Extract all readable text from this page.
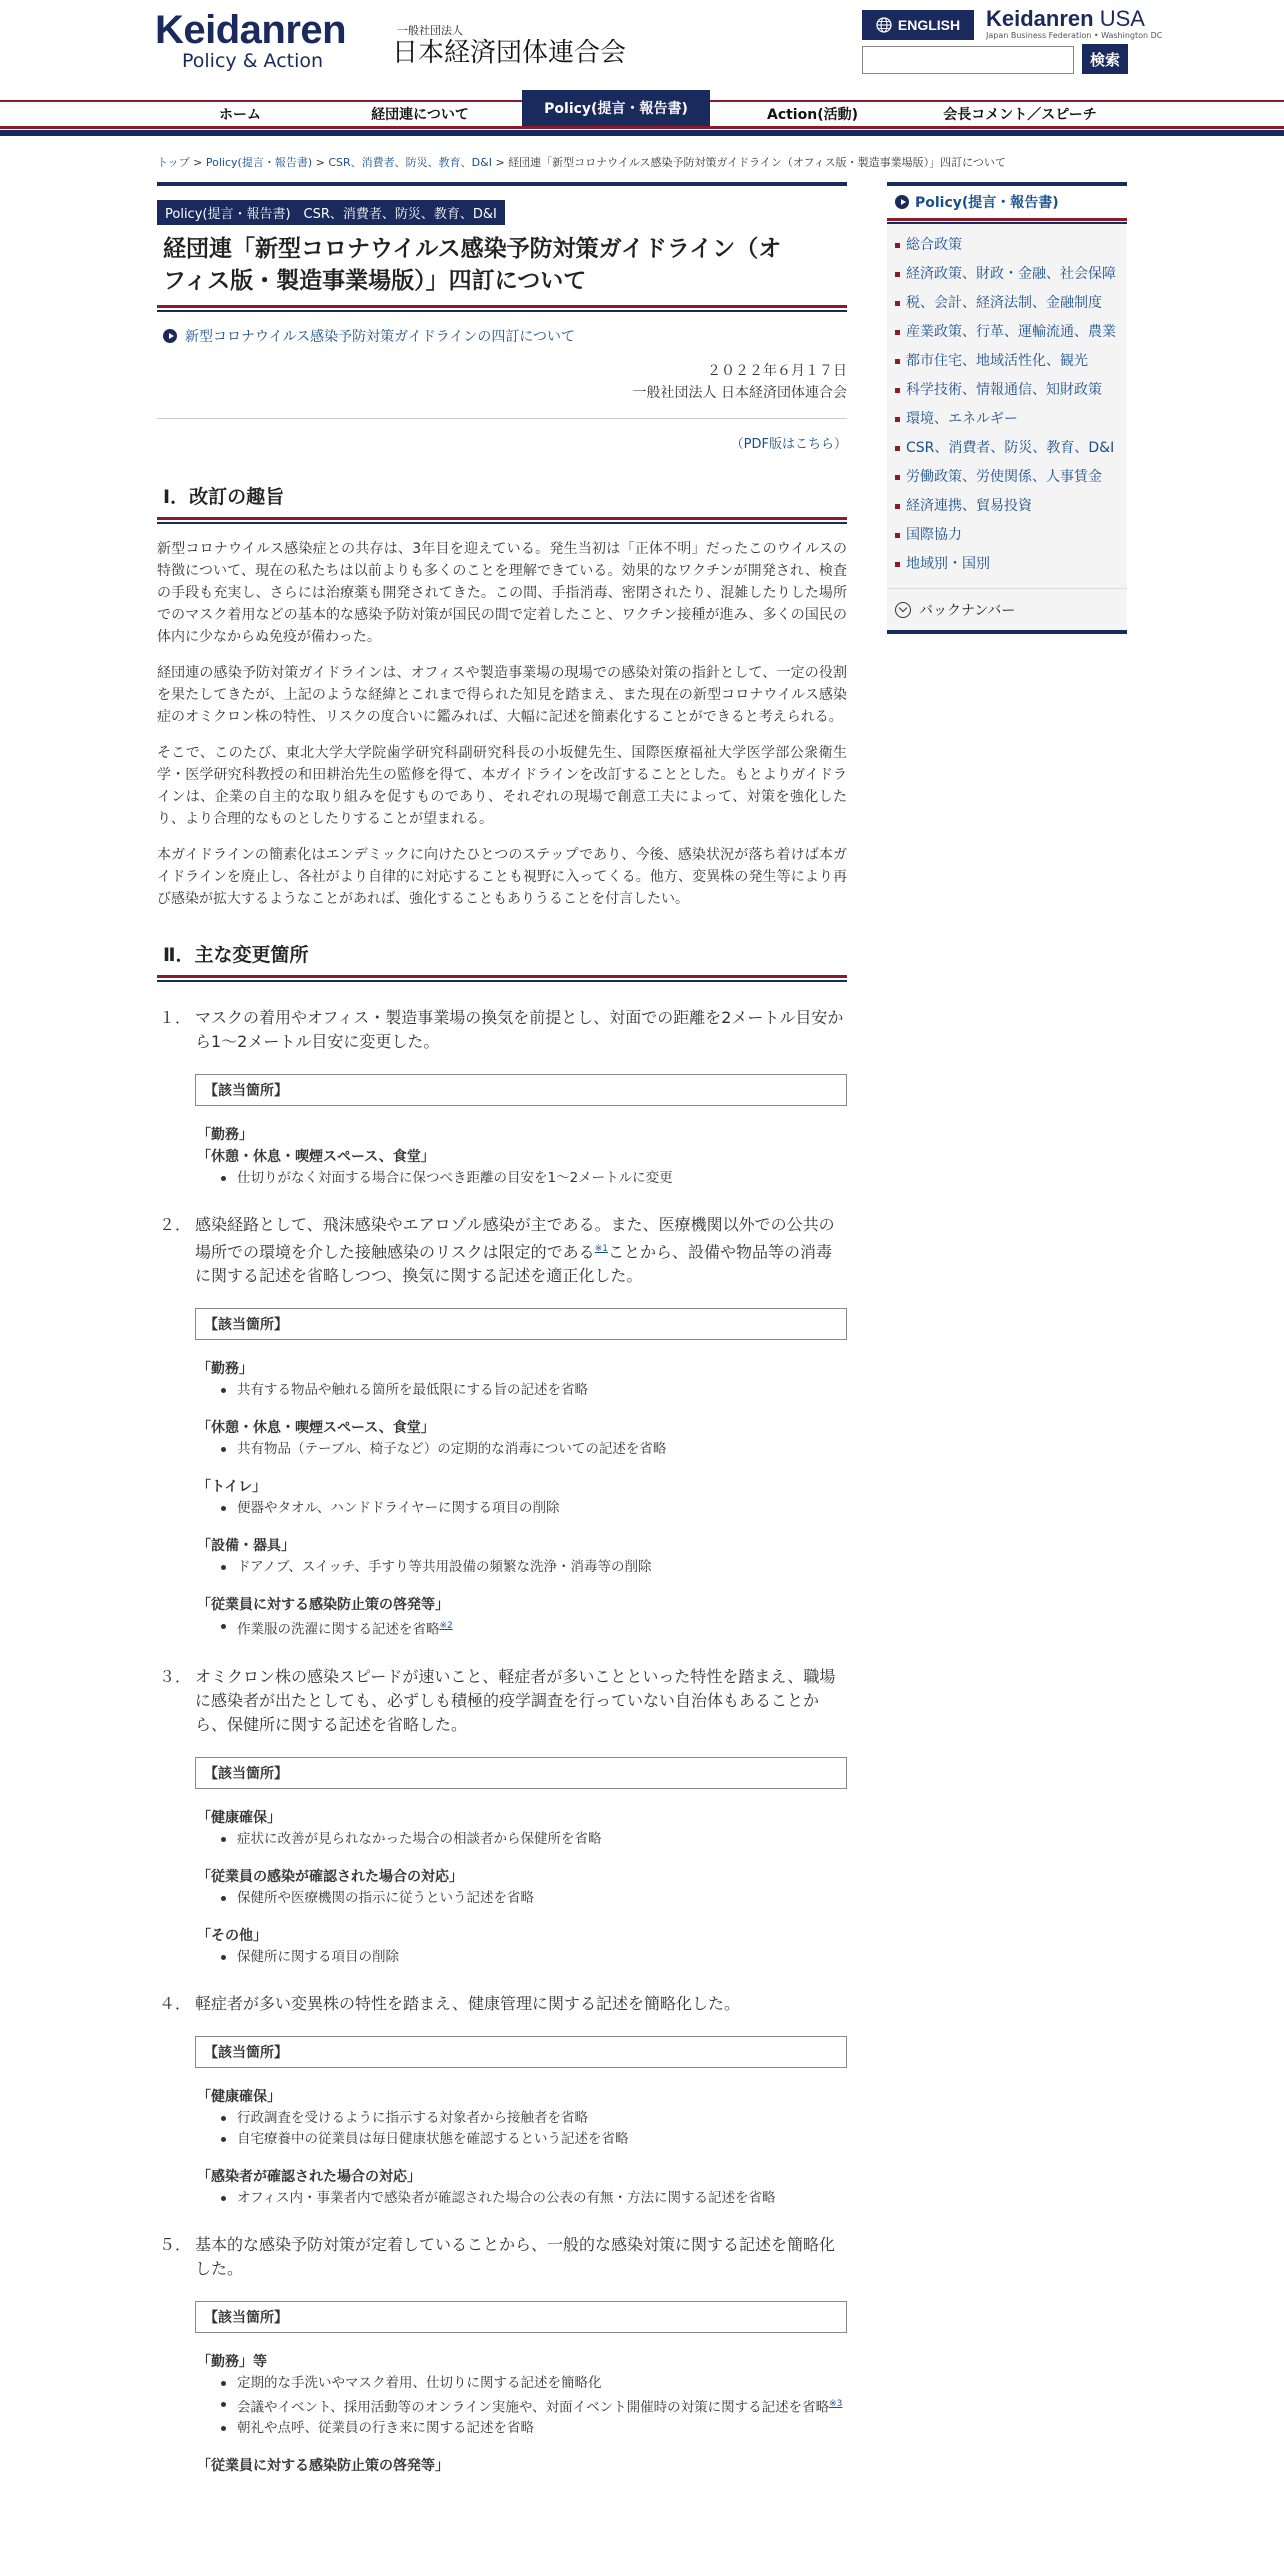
Keidanren
Policy & Action
一般社団法人
日本経済団体連合会
ENGLISH Keidanren USA
Japan Business Federation • Washington DC
検索
ホーム	経団連について	Policy(提言・報告書)	Action(活動)	会長コメント／スピーチ
トップ > Policy(提言・報告書) > CSR、消費者、防災、教育、D&I > 経団連「新型コロナウイルス感染予防対策ガイドライン（オフィス版・製造事業場版）」四訂について
Policy(提言・報告書)　CSR、消費者、防災、教育、D&I
経団連「新型コロナウイルス感染予防対策ガイドライン（オ
フィス版・製造事業場版）」四訂について
新型コロナウイルス感染予防対策ガイドラインの四訂について
２０２２年６月１７日
一般社団法人 日本経済団体連合会
（PDF版はこちら）
Ⅰ．改訂の趣旨

新型コロナウイルス感染症との共存は、3年目を迎えている。発生当初は「正体不明」だったこのウイルスの特徴について、現在の私たちは以前よりも多くのことを理解できている。効果的なワクチンが開発され、検査の手段も充実し、さらには治療薬も開発されてきた。この間、手指消毒、密閉されたり、混雑したりした場所でのマスク着用などの基本的な感染予防対策が国民の間で定着したこと、ワクチン接種が進み、多くの国民の体内に少なからぬ免疫が備わった。

経団連の感染予防対策ガイドラインは、オフィスや製造事業場の現場での感染対策の指針として、一定の役割を果たしてきたが、上記のような経緯とこれまで得られた知見を踏まえ、また現在の新型コロナウイルス感染症のオミクロン株の特性、リスクの度合いに鑑みれば、大幅に記述を簡素化することができると考えられる。

そこで、このたび、東北大学大学院歯学研究科副研究科長の小坂健先生、国際医療福祉大学医学部公衆衛生学・医学研究科教授の和田耕治先生の監修を得て、本ガイドラインを改訂することとした。もとよりガイドラインは、企業の自主的な取り組みを促すものであり、それぞれの現場で創意工夫によって、対策を強化したり、より合理的なものとしたりすることが望まれる。

本ガイドラインの簡素化はエンデミックに向けたひとつのステップであり、今後、感染状況が落ち着けば本ガイドラインを廃止し、各社がより自律的に対応することも視野に入ってくる。他方、変異株の発生等により再び感染が拡大するようなことがあれば、強化することもありうることを付言したい。

Ⅱ．主な変更箇所
１． マスクの着用やオフィス・製造事業場の換気を前提とし、対面での距離を2メートル目安から1～2メートル目安に変更した。
【該当箇所】
「勤務」
「休憩・休息・喫煙スペース、食堂」
仕切りがなく対面する場合に保つべき距離の目安を1～2メートルに変更
２． 感染経路として、飛沫感染やエアロゾル感染が主である。また、医療機関以外での公共の場所での環境を介した接触感染のリスクは限定的である$^{※1}$ことから、設備や物品等の消毒に関する記述を省略しつつ、換気に関する記述を適正化した。
【該当箇所】
「勤務」
共有する物品や触れる箇所を最低限にする旨の記述を省略
「休憩・休息・喫煙スペース、食堂」
共有物品（テーブル、椅子など）の定期的な消毒についての記述を省略
「トイレ」
便器やタオル、ハンドドライヤーに関する項目の削除
「設備・器具」
ドアノブ、スイッチ、手すり等共用設備の頻繁な洗浄・消毒等の削除
「従業員に対する感染防止策の啓発等」
作業服の洗濯に関する記述を省略$^{※2}$
３． オミクロン株の感染スピードが速いこと、軽症者が多いことといった特性を踏まえ、職場に感染者が出たとしても、必ずしも積極的疫学調査を行っていない自治体もあることから、保健所に関する記述を省略した。
【該当箇所】
「健康確保」
症状に改善が見られなかった場合の相談者から保健所を省略
「従業員の感染が確認された場合の対応」
保健所や医療機関の指示に従うという記述を省略
「その他」
保健所に関する項目の削除
４． 軽症者が多い変異株の特性を踏まえ、健康管理に関する記述を簡略化した。
【該当箇所】
「健康確保」
行政調査を受けるように指示する対象者から接触者を省略
自宅療養中の従業員は毎日健康状態を確認するという記述を省略
「感染者が確認された場合の対応」
オフィス内・事業者内で感染者が確認された場合の公表の有無・方法に関する記述を省略
５． 基本的な感染予防対策が定着していることから、一般的な感染対策に関する記述を簡略化した。
【該当箇所】
「勤務」等
定期的な手洗いやマスク着用、仕切りに関する記述を簡略化
会議やイベント、採用活動等のオンライン実施や、対面イベント開催時の対策に関する記述を省略$^{※3}$
朝礼や点呼、従業員の行き来に関する記述を省略
「従業員に対する感染防止策の啓発等」
Policy(提言・報告書)
総合政策
経済政策、財政・金融、社会保障
税、会計、経済法制、金融制度
産業政策、行革、運輸流通、農業
都市住宅、地域活性化、観光
科学技術、情報通信、知財政策
環境、エネルギー
CSR、消費者、防災、教育、D&I
労働政策、労使関係、人事賃金
経済連携、貿易投資
国際協力
地域別・国別
バックナンバー
